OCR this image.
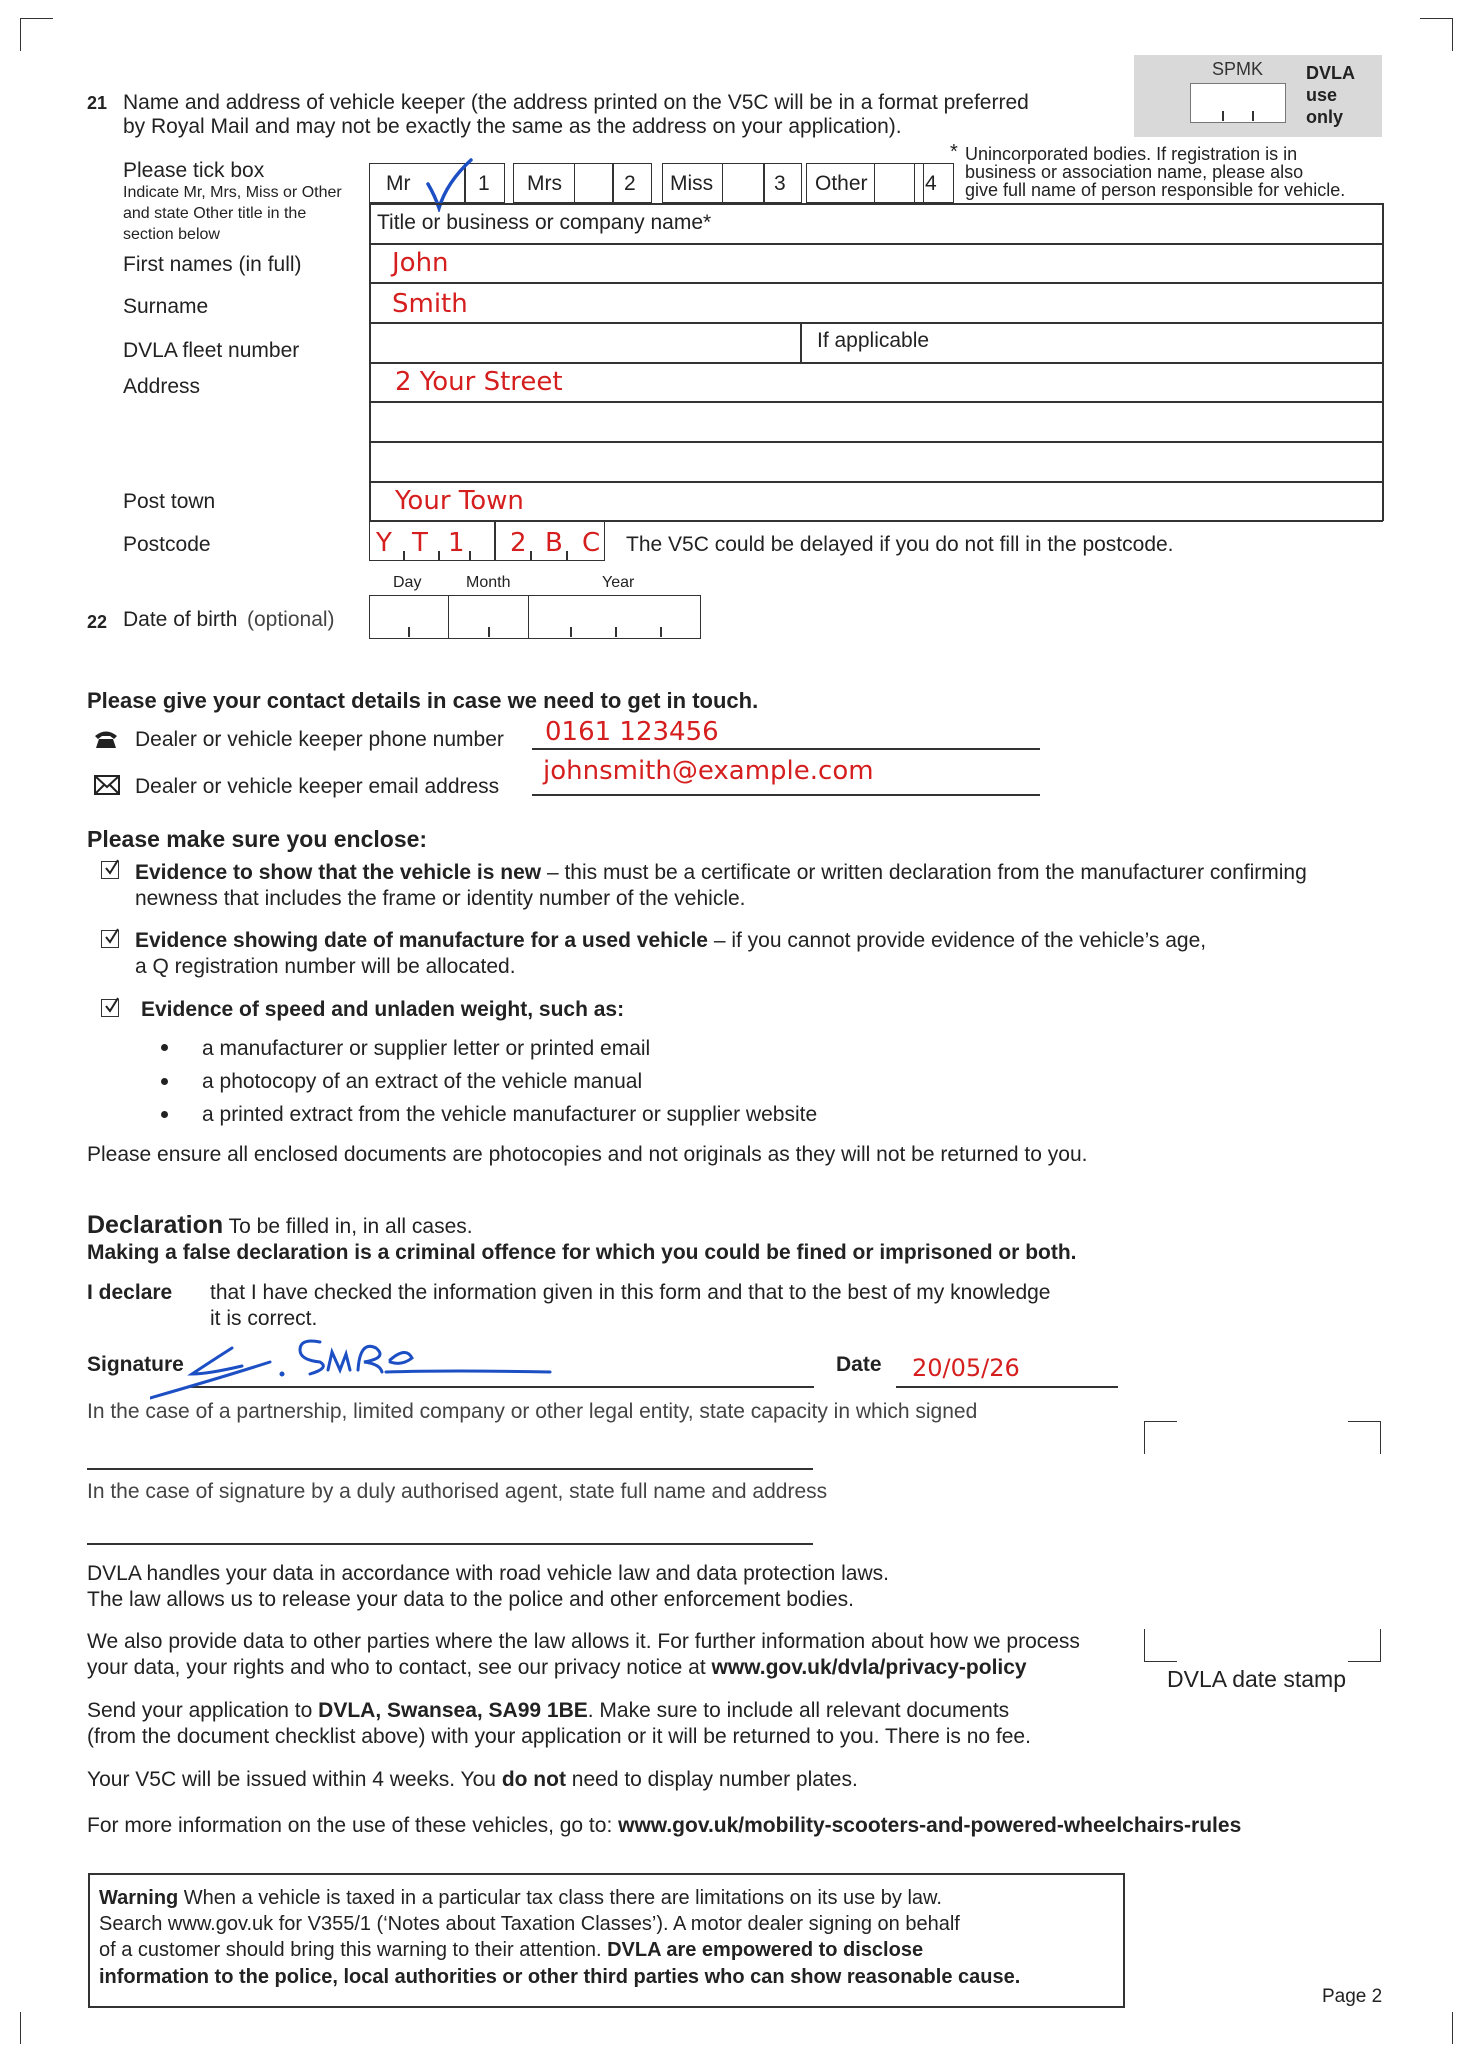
SPMK DVLA
use
only
21 Name and address of vehicle keeper (the address printed on the V5C will be in a format preferred
by Royal Mail and may not be exactly the same as the address on your application).
* Unincorporated bodies. If registration is in
business or association name, please also
give full name of person responsible for vehicle.
Please tick box
Indicate Mr, Mrs, Miss or Other
and state Other title in the
section below
Mr	1 Mrs	2 Miss	3 Other	4
Title or business or company name*
First names (in full)	John
Surname	Smith
DVLA fleet number	If applicable
Address	2 Your Street
Post town	Your Town
Postcode	Y T 1 2 B C The V5C could be delayed if you do not fill in the postcode.
Day	Month	Year
22 Date of birth (optional)
Please give your contact details in case we need to get in touch.
Dealer or vehicle keeper phone number 0161 123456
Dealer or vehicle keeper email address
johnsmith@example.com
Please make sure you enclose:
Evidence to show that the vehicle is new – this must be a certificate or written declaration from the manufacturer confirming
newness that includes the frame or identity number of the vehicle.
Evidence showing date of manufacture for a used vehicle – if you cannot provide evidence of the vehicle’s age,
a Q registration number will be allocated.
Evidence of speed and unladen weight, such as:
a manufacturer or supplier letter or printed email
a photocopy of an extract of the vehicle manual
a printed extract from the vehicle manufacturer or supplier website
Please ensure all enclosed documents are photocopies and not originals as they will not be returned to you.
Declaration To be filled in, in all cases.
Making a false declaration is a criminal offence for which you could be fined or imprisoned or both.
I declare that I have checked the information given in this form and that to the best of my knowledge
it is correct.
Signature	Date 20/05/26
In the case of a partnership, limited company or other legal entity, state capacity in which signed
In the case of signature by a duly authorised agent, state full name and address
DVLA date stamp
DVLA handles your data in accordance with road vehicle law and data protection laws.
The law allows us to release your data to the police and other enforcement bodies.
We also provide data to other parties where the law allows it. For further information about how we process
your data, your rights and who to contact, see our privacy notice at www.gov.uk/dvla/privacy-policy
Send your application to DVLA, Swansea, SA99 1BE. Make sure to include all relevant documents
(from the document checklist above) with your application or it will be returned to you. There is no fee.
Your V5C will be issued within 4 weeks. You do not need to display number plates.
For more information on the use of these vehicles, go to: www.gov.uk/mobility-scooters-and-powered-wheelchairs-rules
Warning When a vehicle is taxed in a particular tax class there are limitations on its use by law.
Search www.gov.uk for V355/1 (‘Notes about Taxation Classes’). A motor dealer signing on behalf
of a customer should bring this warning to their attention. DVLA are empowered to disclose
information to the police, local authorities or other third parties who can show reasonable cause.
Page 2
